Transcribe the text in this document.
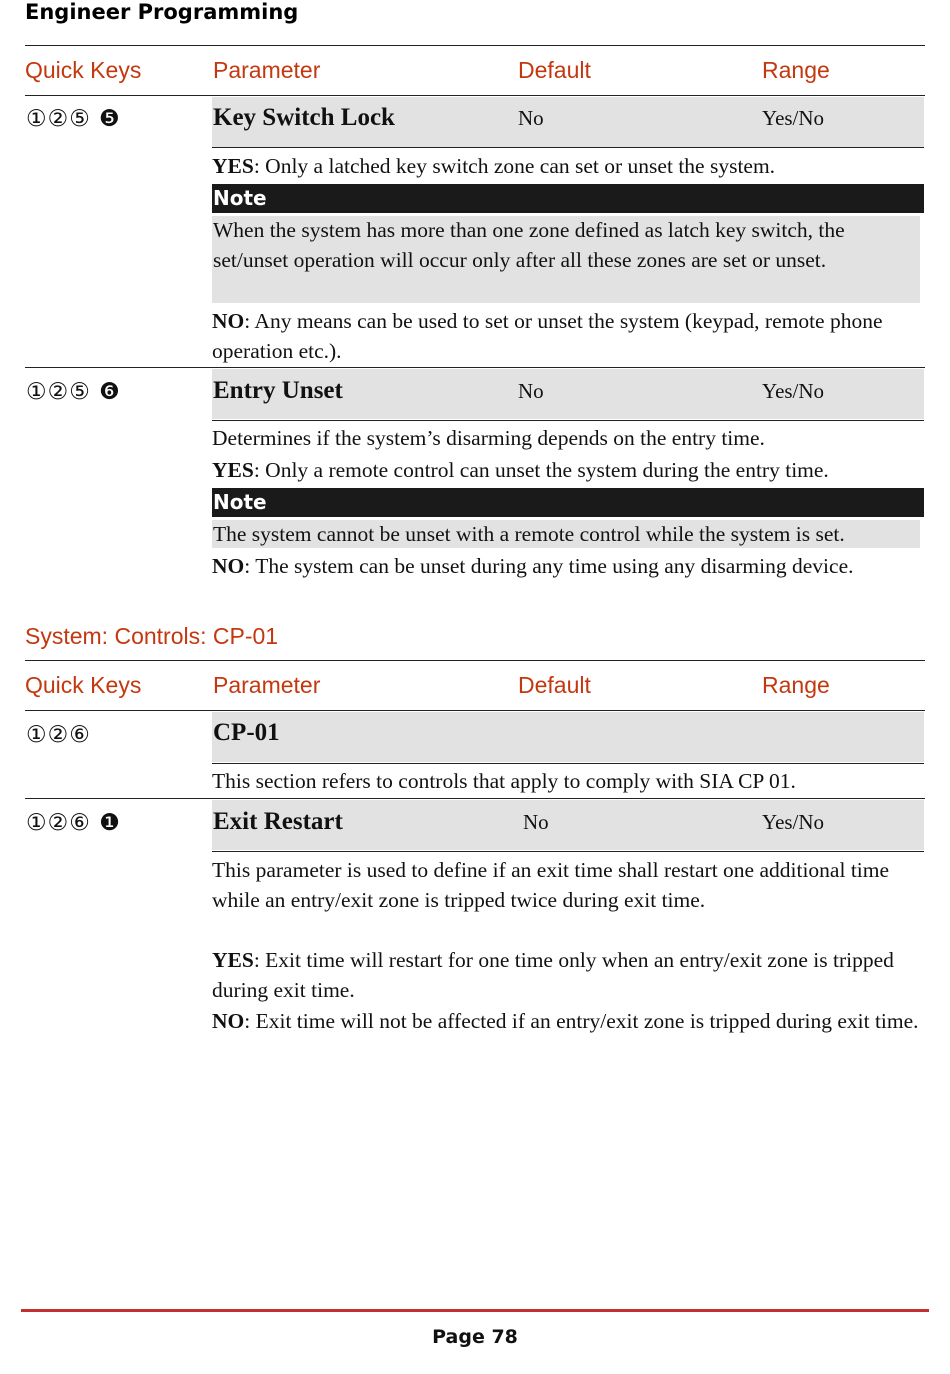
Engineer Programming
Quick Keys	Parameter	Default	Range
①②⑤ ❺	Key Switch Lock	No	Yes/No
YES: Only a latched key switch zone can set or unset the system.
Note
When the system has more than one zone defined as latch key switch, the set/unset operation will occur only after all these zones are set or unset.
NO: Any means can be used to set or unset the system (keypad, remote phone operation etc.).
①②⑤ ❻	Entry Unset	No	Yes/No
Determines if the system’s disarming depends on the entry time.
YES: Only a remote control can unset the system during the entry time.
Note
The system cannot be unset with a remote control while the system is set.
NO: The system can be unset during any time using any disarming device.
System: Controls: CP-01
Quick Keys	Parameter	Default	Range
①②⑥	CP-01
This section refers to controls that apply to comply with SIA CP 01.
①②⑥ ❶	Exit Restart	No	Yes/No
This parameter is used to define if an exit time shall restart one additional time while an entry/exit zone is tripped twice during exit time.
YES: Exit time will restart for one time only when an entry/exit zone is tripped during exit time.
NO: Exit time will not be affected if an entry/exit zone is tripped during exit time.
Page 78
